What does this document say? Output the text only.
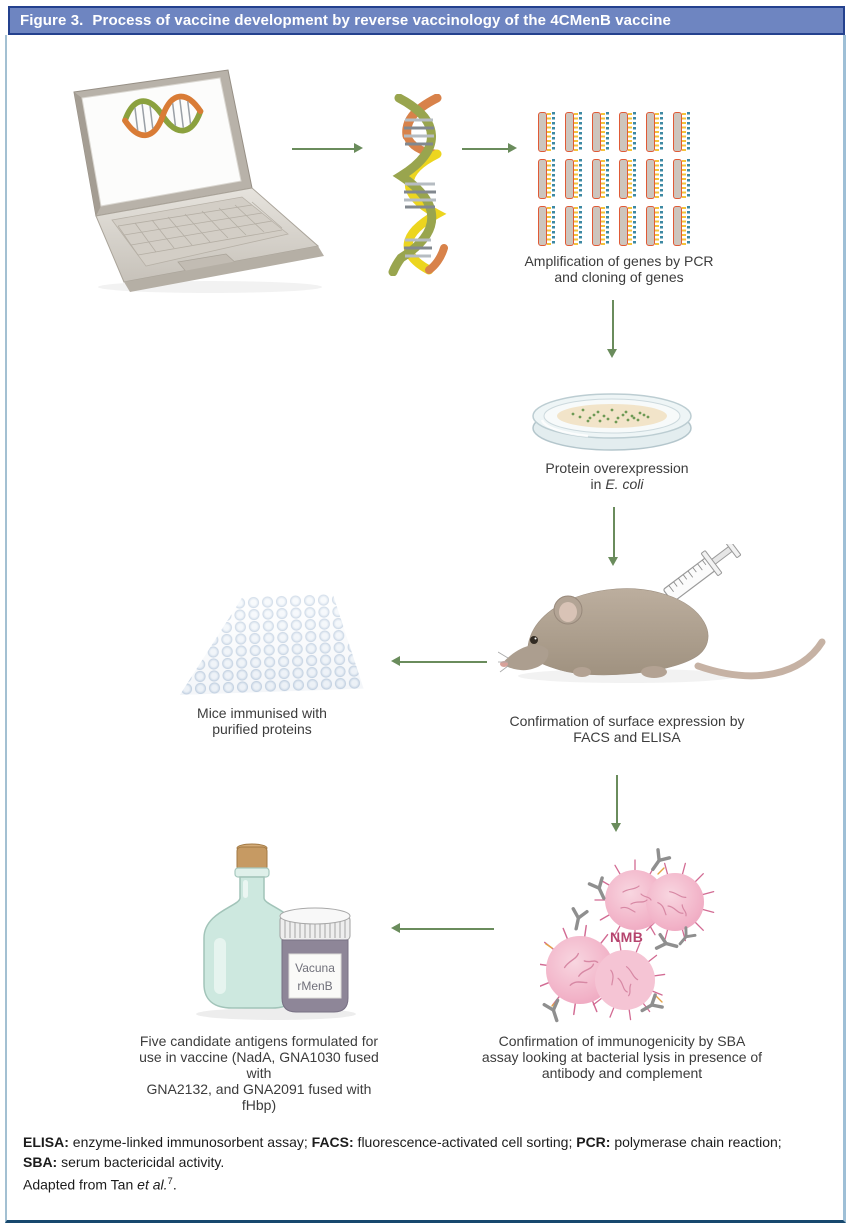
Figure 3. Process of vaccine development by reverse vaccinology of the 4CMenB vaccine
Amplification of genes by PCR
and cloning of genes
Protein overexpression
in E. coli
Confirmation of surface expression by
FACS and ELISA
Mice immunised with
purified proteins
NMB
Confirmation of immunogenicity by SBA
assay looking at bacterial lysis in presence of
antibody and complement
Vacuna
rMenB
Five candidate antigens formulated for
use in vaccine (NadA, GNA1030 fused with
GNA2132, and GNA2091 fused with fHbp)
ELISA: enzyme-linked immunosorbent assay; FACS: fluorescence-activated cell sorting; PCR: polymerase chain reaction;
SBA: serum bactericidal activity.
Adapted from Tan et al.$^7$.
